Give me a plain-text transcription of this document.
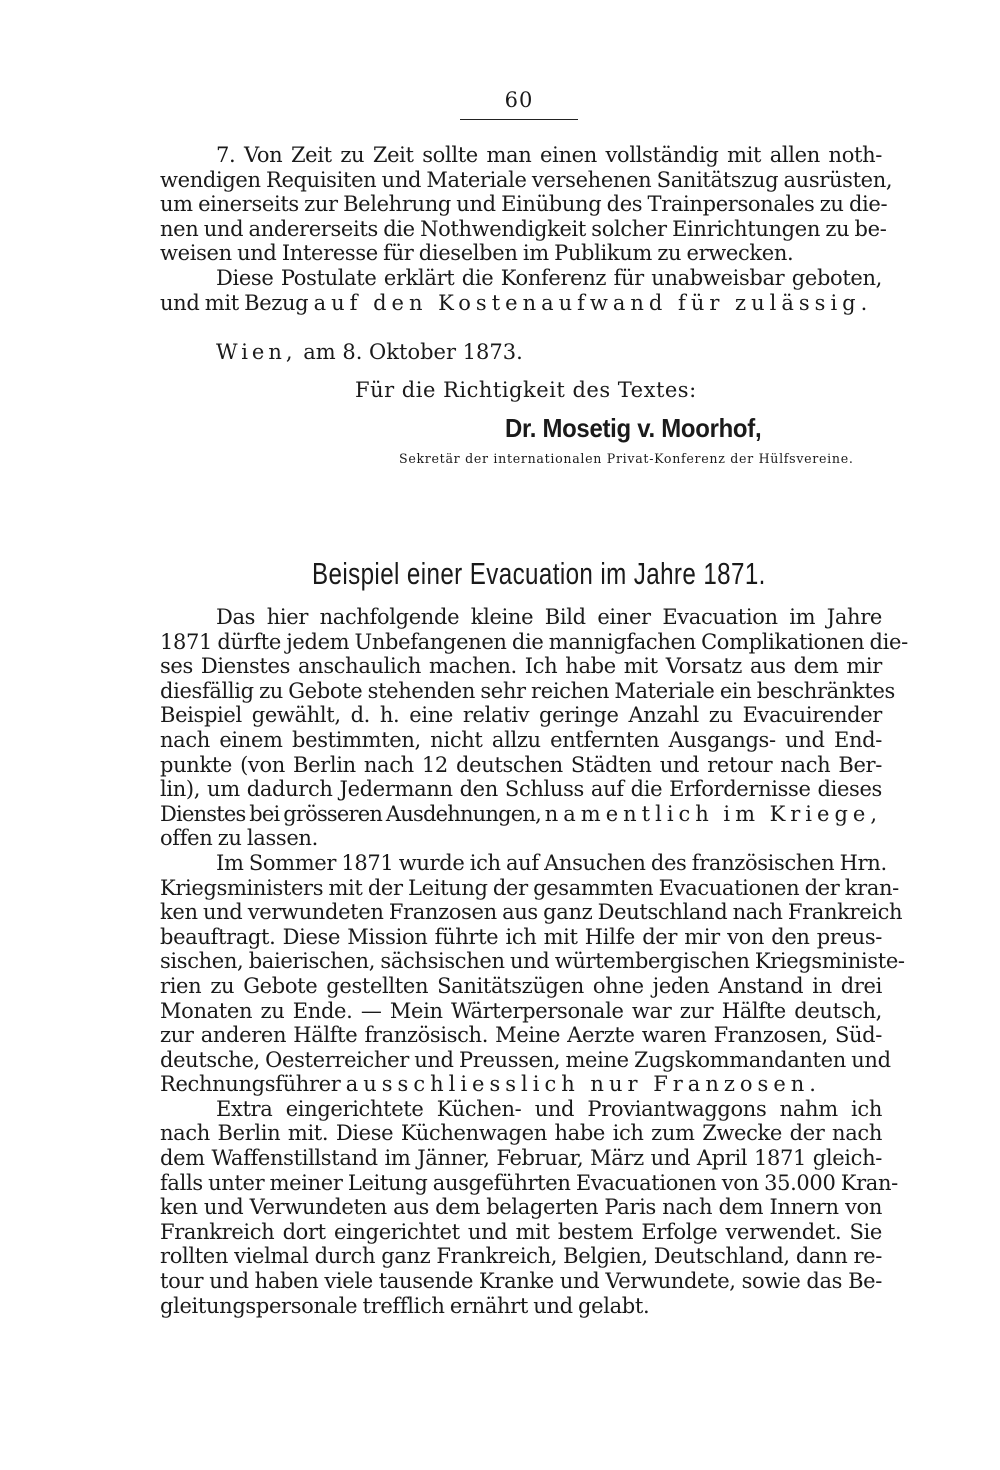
60
7. Von Zeit zu Zeit sollte man einen vollständig mit allen noth-
wendigen Requisiten und Materiale versehenen Sanitätszug ausrüsten,
um einerseits zur Belehrung und Einübung des Trainpersonales zu die-
nen und andererseits die Nothwendigkeit solcher Einrichtungen zu be-
weisen und Interesse für dieselben im Publikum zu erwecken.
Diese Postulate erklärt die Konferenz für unabweisbar geboten,
und mit Bezug auf den Kostenaufwand für zulässig.
Wien, am 8. Oktober 1873.
Für die Richtigkeit des Textes:
Dr. Mosetig v. Moorhof,
Sekretär der internationalen Privat-Konferenz der Hülfsvereine.
Beispiel einer Evacuation im Jahre 1871.
Das hier nachfolgende kleine Bild einer Evacuation im Jahre
1871 dürfte jedem Unbefangenen die mannigfachen Complikationen die-
ses Dienstes anschaulich machen. Ich habe mit Vorsatz aus dem mir
diesfällig zu Gebote stehenden sehr reichen Materiale ein beschränktes
Beispiel gewählt, d. h. eine relativ geringe Anzahl zu Evacuirender
nach einem bestimmten, nicht allzu entfernten Ausgangs- und End-
punkte (von Berlin nach 12 deutschen Städten und retour nach Ber-
lin), um dadurch Jedermann den Schluss auf die Erfordernisse dieses
Dienstes bei grösseren Ausdehnungen, namentlich im Kriege,
offen zu lassen.
Im Sommer 1871 wurde ich auf Ansuchen des französischen Hrn.
Kriegsministers mit der Leitung der gesammten Evacuationen der kran-
ken und verwundeten Franzosen aus ganz Deutschland nach Frankreich
beauftragt. Diese Mission führte ich mit Hilfe der mir von den preus-
sischen, baierischen, sächsischen und würtembergischen Kriegsministe-
rien zu Gebote gestellten Sanitätszügen ohne jeden Anstand in drei
Monaten zu Ende. — Mein Wärterpersonale war zur Hälfte deutsch,
zur anderen Hälfte französisch. Meine Aerzte waren Franzosen, Süd-
deutsche, Oesterreicher und Preussen, meine Zugskommandanten und
Rechnungsführer ausschliesslich nur Franzosen.
Extra eingerichtete Küchen- und Proviantwaggons nahm ich
nach Berlin mit. Diese Küchenwagen habe ich zum Zwecke der nach
dem Waffenstillstand im Jänner, Februar, März und April 1871 gleich-
falls unter meiner Leitung ausgeführten Evacuationen von 35.000 Kran-
ken und Verwundeten aus dem belagerten Paris nach dem Innern von
Frankreich dort eingerichtet und mit bestem Erfolge verwendet. Sie
rollten vielmal durch ganz Frankreich, Belgien, Deutschland, dann re-
tour und haben viele tausende Kranke und Verwundete, sowie das Be-
gleitungspersonale trefflich ernährt und gelabt.
